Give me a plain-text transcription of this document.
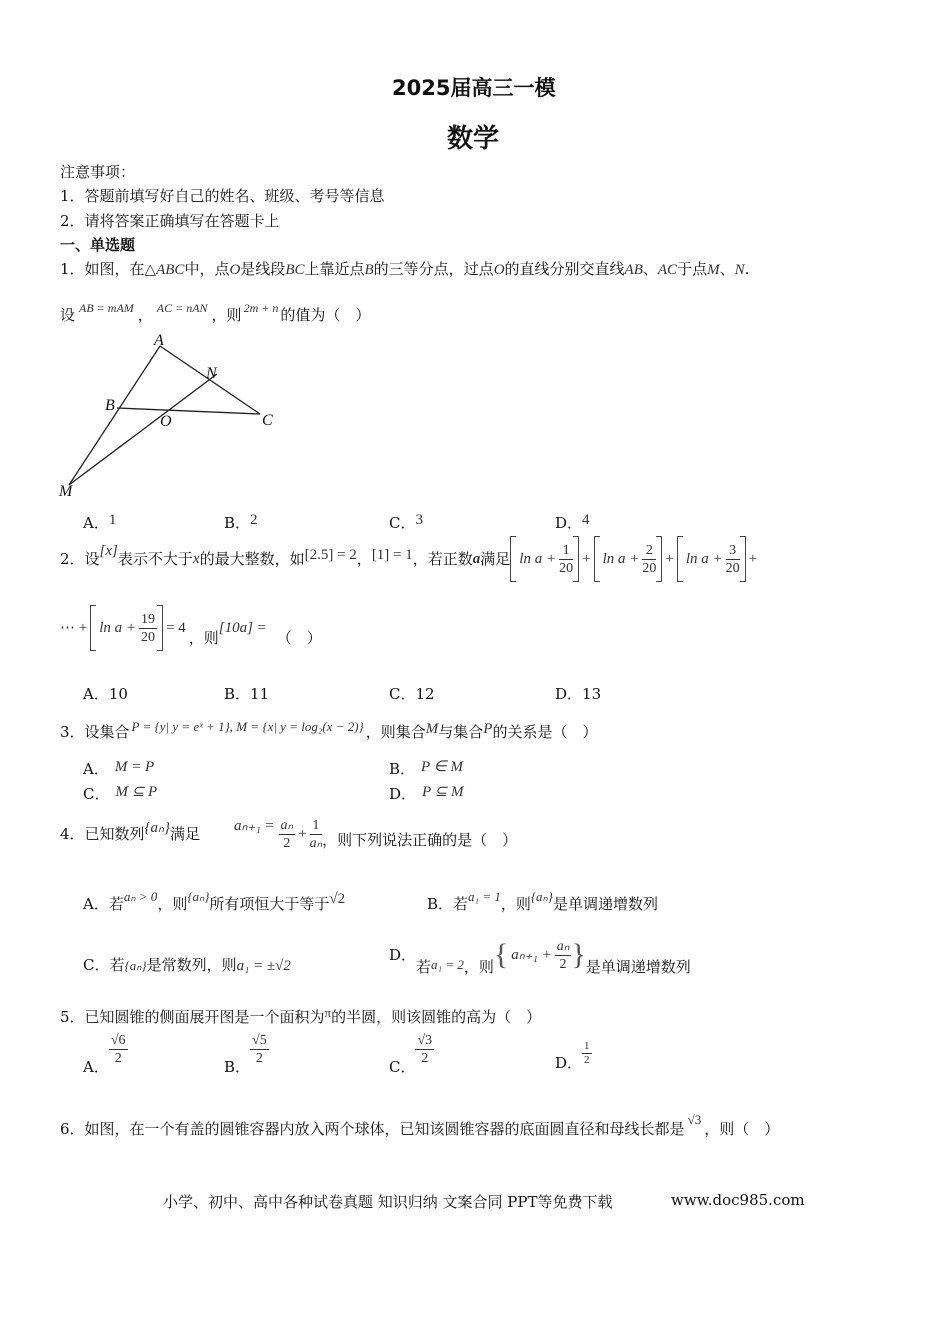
2025届高三一模
数学
注意事项：
1．答题前填写好自己的姓名、班级、考号等信息
2．请将答案正确填写在答题卡上
一、单选题
1．如图，在△ABC中，点O是线段BC上靠近点B的三等分点，过点O的直线分别交直线AB、AC于点M、N.
设 $^{AB = mAM}$ ， $^{AC = nAN}$ ，则 $^{2m + n}$ 的值为（　）
A
N
B
O	C
M
A．1	B．2	C．3	D．4
2．设 [x] 表示不大于 x 的最大整数，如 [2.5] = 2 ， [1] = 1 ，若正数 a 满足 $\ln a + \frac{1}{20} + \ln a + \frac{2}{20} + \ln a + \frac{3}{20}$ +
⋯ + $\ln a + \frac{19}{20} = 4$
，则
[10a] =
（　）
A．10	B．11	C．12	D．13
3．设集合 P = {y| y = eˣ + 1}, M = {x| y = log₂(x − 2)} ，则集合M与集合P的关系是（　）
A． M = P	B． P ∈ M
C． M ⊆ P	D． P ⊆ M
4．已知数列 {aₙ} 满足	$a_{n+1} = \frac{\text{aₙ}}{2} + \frac{1}{\text{aₙ}}$ ，则下列说法正确的是（　）
A．若aₙ > 0，则{aₙ}所有项恒大于等于√2	B．若a₁ = 1，则{aₙ}是单调递增数列
C．若{aₙ}是常数列，则a₁ = ±√2
D．
若 a₁ = 2 ，则 { $a_{n+1} + \frac{\text{aₙ}}{2}$ } 是单调递增数列
5．已知圆锥的侧面展开图是一个面积为π的半圆，则该圆锥的高为（　）
A． $\frac{√6}{2}$	B． $\frac{√5}{2}$	C． $\frac{√3}{2}$	D． $\frac{1}{2}$
6．如图，在一个有盖的圆锥容器内放入两个球体，已知该圆锥容器的底面圆直径和母线长都是√3，则（　）
小学、初中、高中各种试卷真题 知识归纳 文案合同 PPT等免费下载	www.doc985.com
